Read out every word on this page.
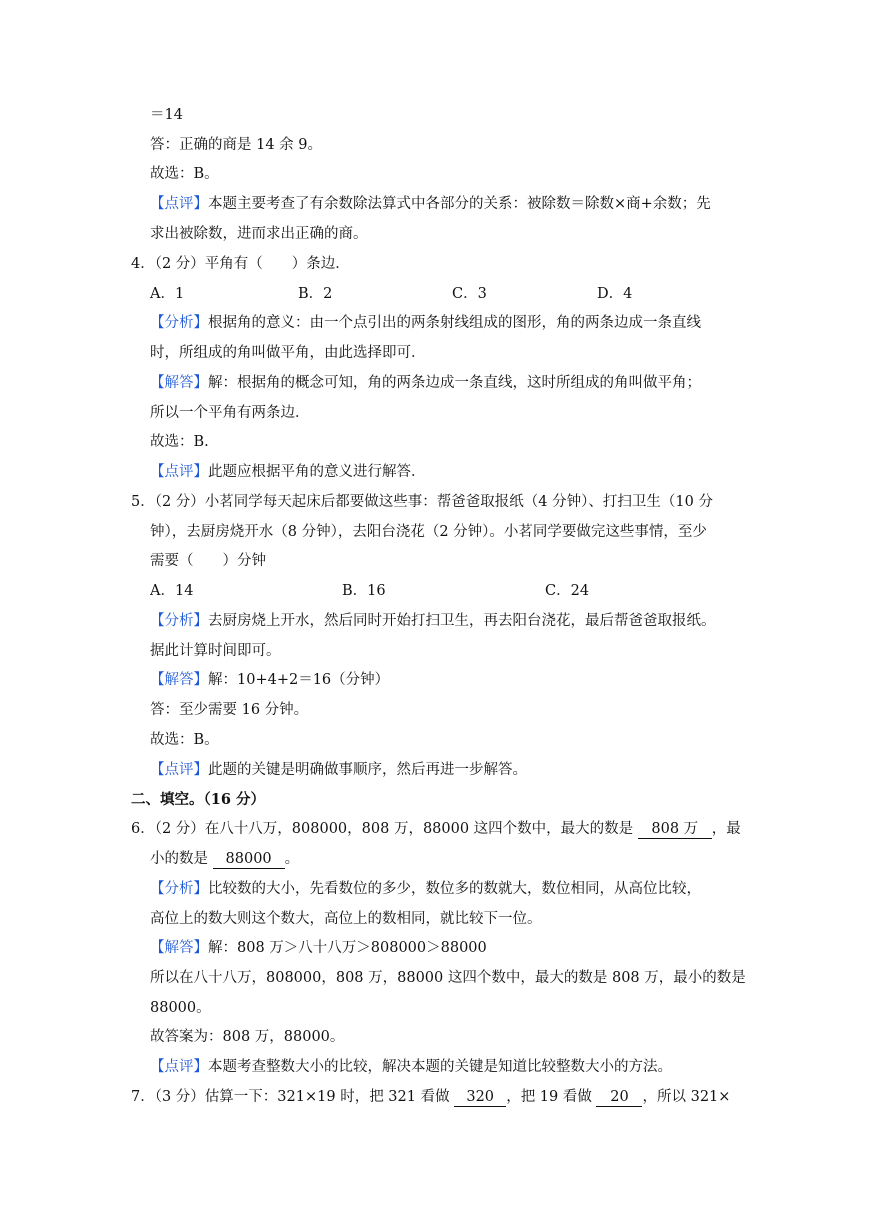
＝14
答：正确的商是 14 余 9。
故选：B。
【点评】本题主要考查了有余数除法算式中各部分的关系：被除数＝除数×商+余数；先
求出被除数，进而求出正确的商。
4．（2 分）平角有（　　）条边．
A．1	B．2	C．3	D．4
【分析】根据角的意义：由一个点引出的两条射线组成的图形，角的两条边成一条直线
时，所组成的角叫做平角，由此选择即可．
【解答】解：根据角的概念可知，角的两条边成一条直线，这时所组成的角叫做平角；
所以一个平角有两条边．
故选：B.
【点评】此题应根据平角的意义进行解答．
5．（2 分）小茗同学每天起床后都要做这些事：帮爸爸取报纸（4 分钟）、打扫卫生（10 分
钟），去厨房烧开水（8 分钟），去阳台浇花（2 分钟）。小茗同学要做完这些事情，至少
需要（　　）分钟
A．14	B．16	C．24
【分析】去厨房烧上开水，然后同时开始打扫卫生，再去阳台浇花，最后帮爸爸取报纸。
据此计算时间即可。
【解答】解：10+4+2＝16（分钟）
答：至少需要 16 分钟。
故选：B。
【点评】此题的关键是明确做事顺序，然后再进一步解答。
二、填空。（16 分）
6．（2 分）在八十八万，808000，808 万，88000 这四个数中，最大的数是 808 万 ，最
小的数是 88000 。
【分析】比较数的大小，先看数位的多少，数位多的数就大，数位相同，从高位比较，
高位上的数大则这个数大，高位上的数相同，就比较下一位。
【解答】解：808 万＞八十八万＞808000＞88000
所以在八十八万，808000，808 万，88000 这四个数中，最大的数是 808 万，最小的数是
88000。
故答案为：808 万，88000。
【点评】本题考查整数大小的比较，解决本题的关键是知道比较整数大小的方法。
7．（3 分）估算一下：321×19 时，把 321 看做 320 ，把 19 看做 20 ，所以 321×
